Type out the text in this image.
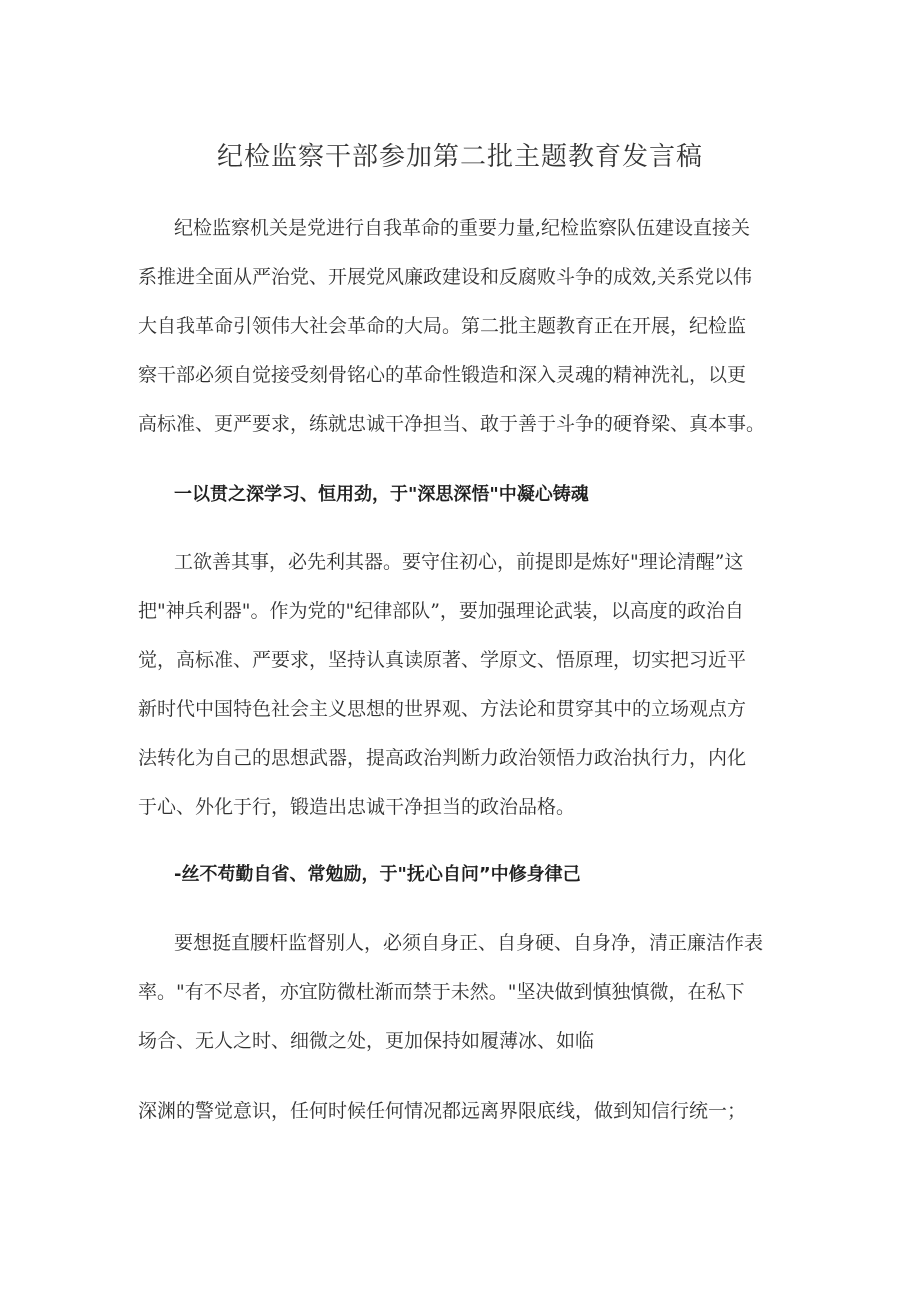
纪检监察干部参加第二批主题教育发言稿
纪检监察机关是党进行自我革命的重要力量,纪检监察队伍建设直接关
系推进全面从严治党、开展党风廉政建设和反腐败斗争的成效,关系党以伟
大自我革命引领伟大社会革命的大局。第二批主题教育正在开展，纪检监
察干部必须自觉接受刻骨铭心的革命性锻造和深入灵魂的精神洗礼，以更
高标准、更严要求，练就忠诚干净担当、敢于善于斗争的硬脊梁、真本事。
一以贯之深学习、恒用劲，于"深思深悟"中凝心铸魂
工欲善其事，必先利其器。要守住初心，前提即是炼好"理论清醒”这
把"神兵利器"。作为党的"纪律部队”，要加强理论武装，以高度的政治自
觉，高标准、严要求，坚持认真读原著、学原文、悟原理，切实把习近平
新时代中国特色社会主义思想的世界观、方法论和贯穿其中的立场观点方
法转化为自己的思想武器，提高政治判断力政治领悟力政治执行力，内化
于心、外化于行，锻造出忠诚干净担当的政治品格。
-丝不苟勤自省、常勉励，于"抚心自问”中修身律己
要想挺直腰杆监督别人，必须自身正、自身硬、自身净，清正廉洁作表
率。"有不尽者，亦宜防微杜渐而禁于未然。"坚决做到慎独慎微，在私下
场合、无人之时、细微之处，更加保持如履薄冰、如临
深渊的警觉意识，任何时候任何情况都远离界限底线，做到知信行统一；
